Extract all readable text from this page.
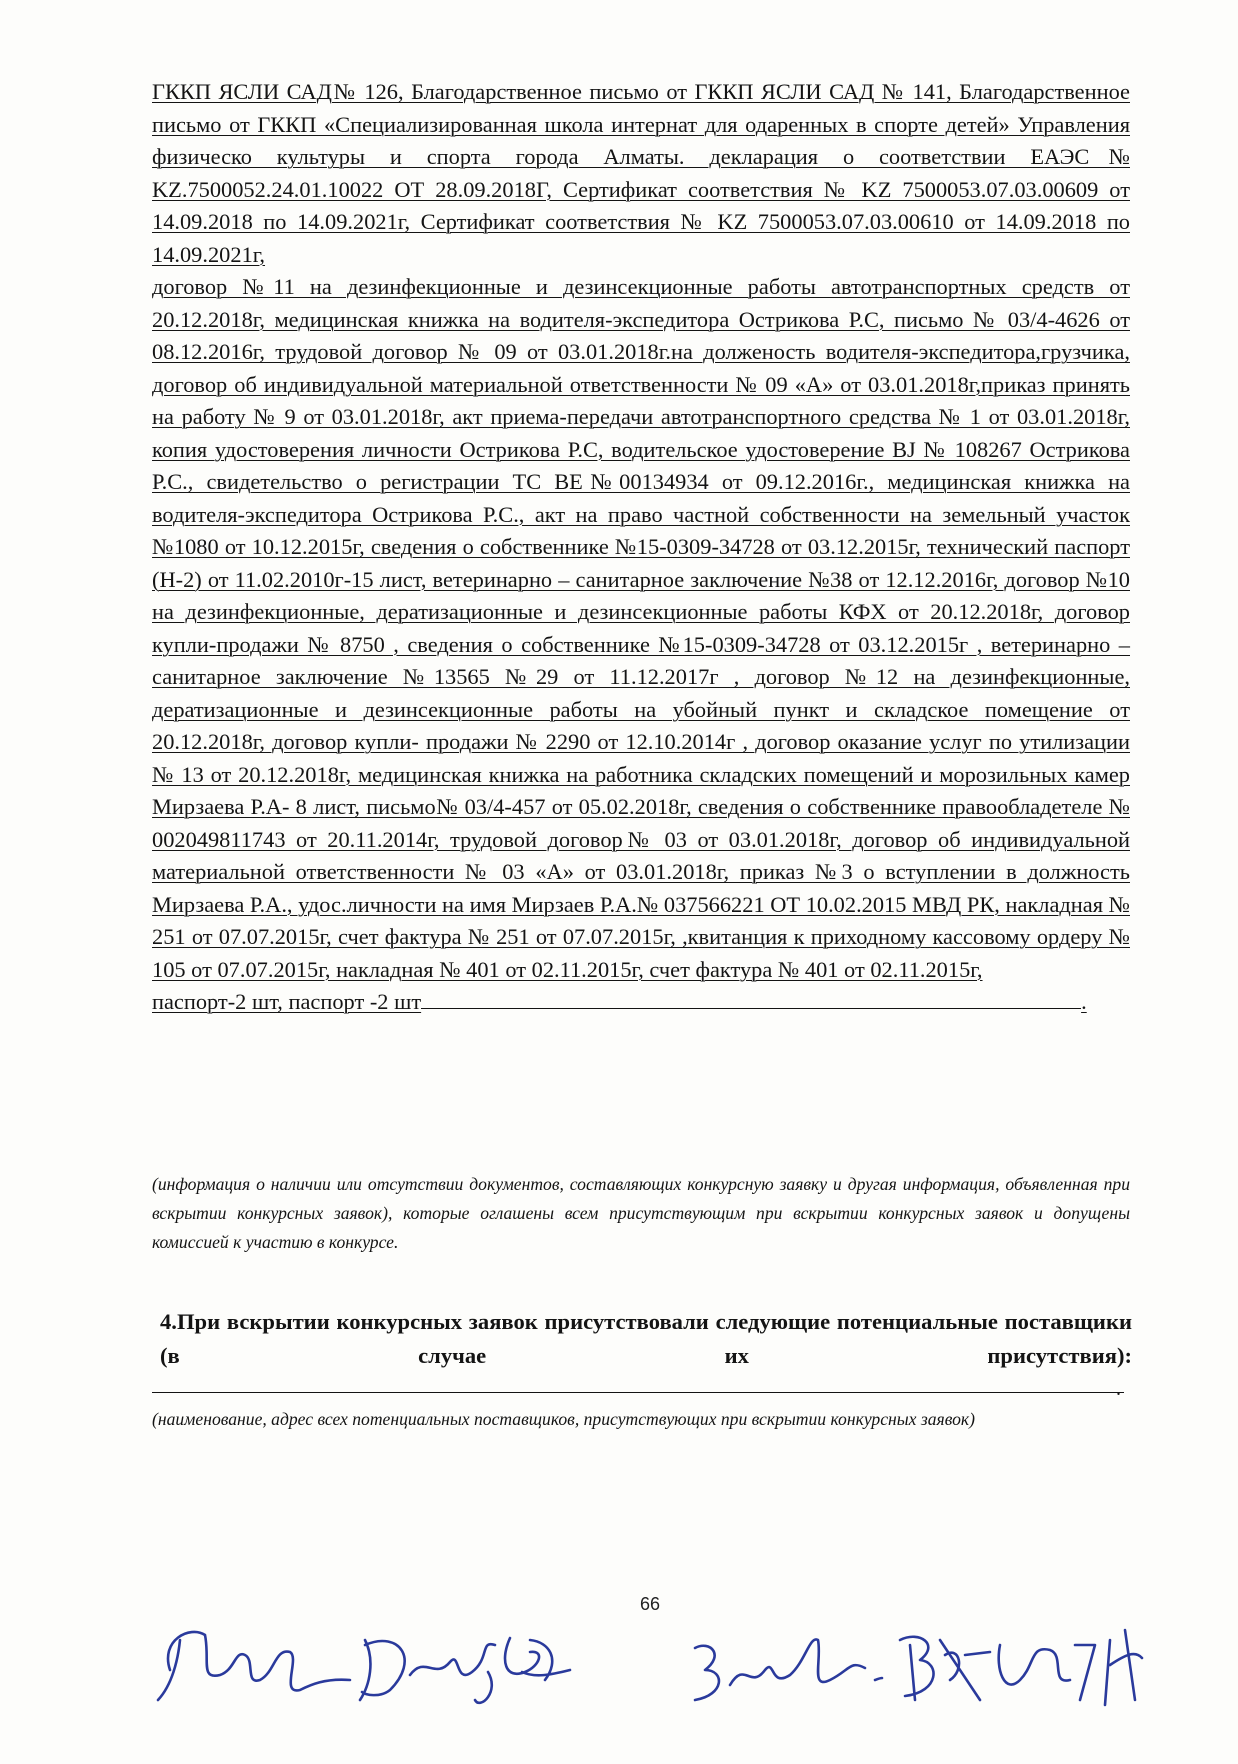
ГККП ЯСЛИ САД№ 126, Благодарственное письмо от ГККП ЯСЛИ САД № 141, Благодарственное письмо от ГККП «Специализированная школа интернат для одаренных в спорте детей» Управления физическо культуры и спорта города Алматы. декларация о соответствии ЕАЭС№ KZ.7500052.24.01.10022 ОТ 28.09.2018Г, Сертификат соответствия № KZ 7500053.07.03.00609 от 14.09.2018 по 14.09.2021г, Сертификат соответствия № KZ 7500053.07.03.00610 от 14.09.2018 по 14.09.2021г,

договор №11 на дезинфекционные и дезинсекционные работы автотранспортных средств от 20.12.2018г, медицинская книжка на водителя-экспедитора Острикова Р.С, письмо № 03/4-4626 от 08.12.2016г, трудовой договор № 09 от 03.01.2018г.на долженость водителя-экспедитора,грузчика, договор об индивидуальной материальной ответственности № 09 «А» от 03.01.2018г,приказ принять на работу № 9 от 03.01.2018г, акт приема-передачи автотранспортного средства № 1 от 03.01.2018г, копия удостоверения личности Острикова Р.С, водительское удостоверение BJ № 108267 Острикова Р.С., свидетельство о регистрации ТС ВЕ№00134934 от 09.12.2016г., медицинская книжка на водителя-экспедитора Острикова Р.С., акт на право частной собственности на земельный участок №1080 от 10.12.2015г, сведения о собственнике №15-0309-34728 от 03.12.2015г, технический паспорт (Н-2) от 11.02.2010г-15 лист, ветеринарно – санитарное заключение №38 от 12.12.2016г, договор №10 на дезинфекционные, дератизационные и дезинсекционные работы КФХ от 20.12.2018г, договор купли-продажи № 8750 , сведения о собственнике №15-0309-34728 от 03.12.2015г , ветеринарно – санитарное заключение №13565 №29 от 11.12.2017г , договор №12 на дезинфекционные, дератизационные и дезинсекционные работы на убойный пункт и складское помещение от 20.12.2018г, договор купли- продажи № 2290 от 12.10.2014г , договор оказание услуг по утилизации № 13 от 20.12.2018г, медицинская книжка на работника складских помещений и морозильных камер Мирзаева Р.А- 8 лист, письмо№ 03/4-457 от 05.02.2018г, сведения о собственнике правообладетеле № 002049811743 от 20.11.2014г, трудовой договор№ 03 от 03.01.2018г, договор об индивидуальной материальной ответственности № 03 «А» от 03.01.2018г, приказ №3 о вступлении в должность Мирзаева Р.А., удос.личности на имя Мирзаев Р.А.№ 037566221 ОТ 10.02.2015 МВД РК, накладная № 251 от 07.07.2015г, счет фактура № 251 от 07.07.2015г, ,квитанция к приходному кассовому ордеру № 105 от 07.07.2015г, накладная № 401 от 02.11.2015г, счет фактура № 401 от 02.11.2015г,

паспорт-2 шт, паспорт -2 шт	.

(информация о наличии или отсутствии документов, составляющих конкурсную заявку и другая информация, объявленная при вскрытии конкурсных заявок), которые оглашены всем присутствующим при вскрытии конкурсных заявок и допущены комиссией к участию в конкурсе.
4.При вскрытии конкурсных заявок присутствовали следующие потенциальные поставщики (в случае их присутствия):
.
(наименование, адрес всех потенциальных поставщиков, присутствующих при вскрытии конкурсных заявок)
66
